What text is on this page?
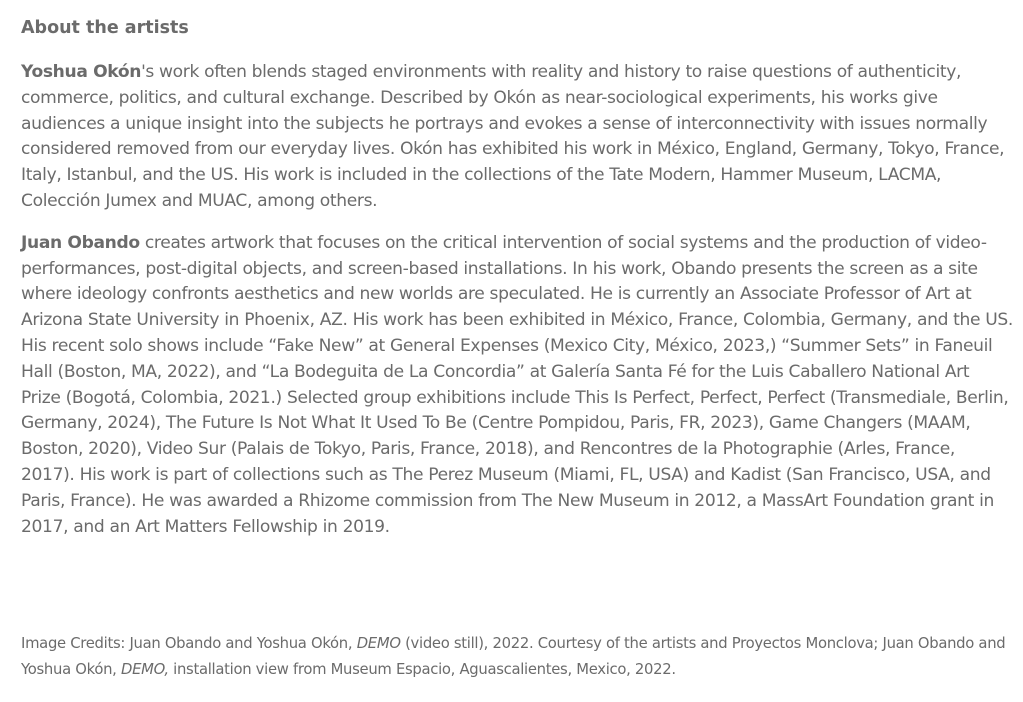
About the artists

Yoshua Okón's work often blends staged environments with reality and history to raise questions of authenticity, commerce, politics, and cultural exchange. Described by Okón as near-sociological experiments, his works give audiences a unique insight into the subjects he portrays and evokes a sense of interconnectivity with issues normally considered removed from our everyday lives. Okón has exhibited his work in México, England, Germany, Tokyo, France, Italy, Istanbul, and the US. His work is included in the collections of the Tate Modern, Hammer Museum, LACMA, Colección Jumex and MUAC, among others.

Juan Obando creates artwork that focuses on the critical intervention of social systems and the production of video-performances, post-digital objects, and screen-based installations. In his work, Obando presents the screen as a site where ideology confronts aesthetics and new worlds are speculated. He is currently an Associate Professor of Art at Arizona State University in Phoenix, AZ. His work has been exhibited in México, France, Colombia, Germany, and the US. His recent solo shows include “Fake New” at General Expenses (Mexico City, México, 2023,) “Summer Sets” in Faneuil Hall (Boston, MA, 2022), and “La Bodeguita de La Concordia” at Galería Santa Fé for the Luis Caballero National Art Prize (Bogotá, Colombia, 2021.) Selected group exhibitions include This Is Perfect, Perfect, Perfect (Transmediale, Berlin, Germany, 2024), The Future Is Not What It Used To Be (Centre Pompidou, Paris, FR, 2023), Game Changers (MAAM, Boston, 2020), Video Sur (Palais de Tokyo, Paris, France, 2018), and Rencontres de la Photographie (Arles, France, 2017). His work is part of collections such as The Perez Museum (Miami, FL, USA) and Kadist (San Francisco, USA, and Paris, France). He was awarded a Rhizome commission from The New Museum in 2012, a MassArt Foundation grant in 2017, and an Art Matters Fellowship in 2019.

Image Credits: Juan Obando and Yoshua Okón, DEMO (video still), 2022. Courtesy of the artists and Proyectos Monclova; Juan Obando and Yoshua Okón, DEMO, installation view from Museum Espacio, Aguascalientes, Mexico, 2022.
